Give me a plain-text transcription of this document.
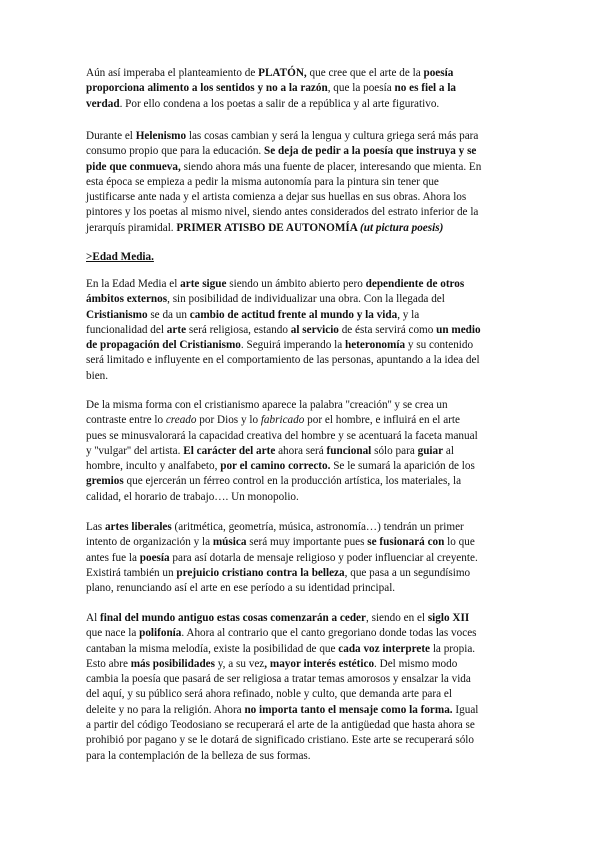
Aún así imperaba el planteamiento de PLATÓN, que cree que el arte de la poesía
proporciona alimento a los sentidos y no a la razón, que la poesía no es fiel a la
verdad. Por ello condena a los poetas a salir de a república y al arte figurativo.

Durante el Helenismo las cosas cambian y será la lengua y cultura griega será más para
consumo propio que para la educación. Se deja de pedir a la poesía que instruya y se
pide que conmueva, siendo ahora más una fuente de placer, interesando que mienta. En
esta época se empieza a pedir la misma autonomía para la pintura sin tener que
justificarse ante nada y el artista comienza a dejar sus huellas en sus obras. Ahora los
pintores y los poetas al mismo nivel, siendo antes considerados del estrato inferior de la
jerarquís piramidal. PRIMER ATISBO DE AUTONOMÍA (ut pictura poesis)

>Edad Media.

En la Edad Media el arte sigue siendo un ámbito abierto pero dependiente de otros
ámbitos externos, sin posibilidad de individualizar una obra. Con la llegada del
Cristianismo se da un cambio de actitud frente al mundo y la vida, y la
funcionalidad del arte será religiosa, estando al servicio de ésta servirá como un medio
de propagación del Cristianismo. Seguirá imperando la heteronomía y su contenido
será limitado e influyente en el comportamiento de las personas, apuntando a la idea del
bien.

De la misma forma con el cristianismo aparece la palabra ''creación'' y se crea un
contraste entre lo creado por Dios y lo fabricado por el hombre, e influirá en el arte
pues se minusvalorará la capacidad creativa del hombre y se acentuará la faceta manual
y ''vulgar'' del artista. El carácter del arte ahora será funcional sólo para guiar al
hombre, inculto y analfabeto, por el camino correcto. Se le sumará la aparición de los
gremios que ejercerán un férreo control en la producción artística, los materiales, la
calidad, el horario de trabajo…. Un monopolio.

Las artes liberales (aritmética, geometría, música, astronomía…) tendrán un primer
intento de organización y la música será muy importante pues se fusionará con lo que
antes fue la poesía para así dotarla de mensaje religioso y poder influenciar al creyente.
Existirá también un prejuicio cristiano contra la belleza, que pasa a un segundísimo
plano, renunciando así el arte en ese período a su identidad principal.

Al final del mundo antiguo estas cosas comenzarán a ceder, siendo en el siglo XII
que nace la polifonía. Ahora al contrario que el canto gregoriano donde todas las voces
cantaban la misma melodía, existe la posibilidad de que cada voz interprete la propia.
Esto abre más posibilidades y, a su vez, mayor interés estético. Del mismo modo
cambia la poesía que pasará de ser religiosa a tratar temas amorosos y ensalzar la vida
del aquí, y su público será ahora refinado, noble y culto, que demanda arte para el
deleite y no para la religión. Ahora no importa tanto el mensaje como la forma. Igual
a partir del código Teodosiano se recuperará el arte de la antigüedad que hasta ahora se
prohibió por pagano y se le dotará de significado cristiano. Este arte se recuperará sólo
para la contemplación de la belleza de sus formas.
